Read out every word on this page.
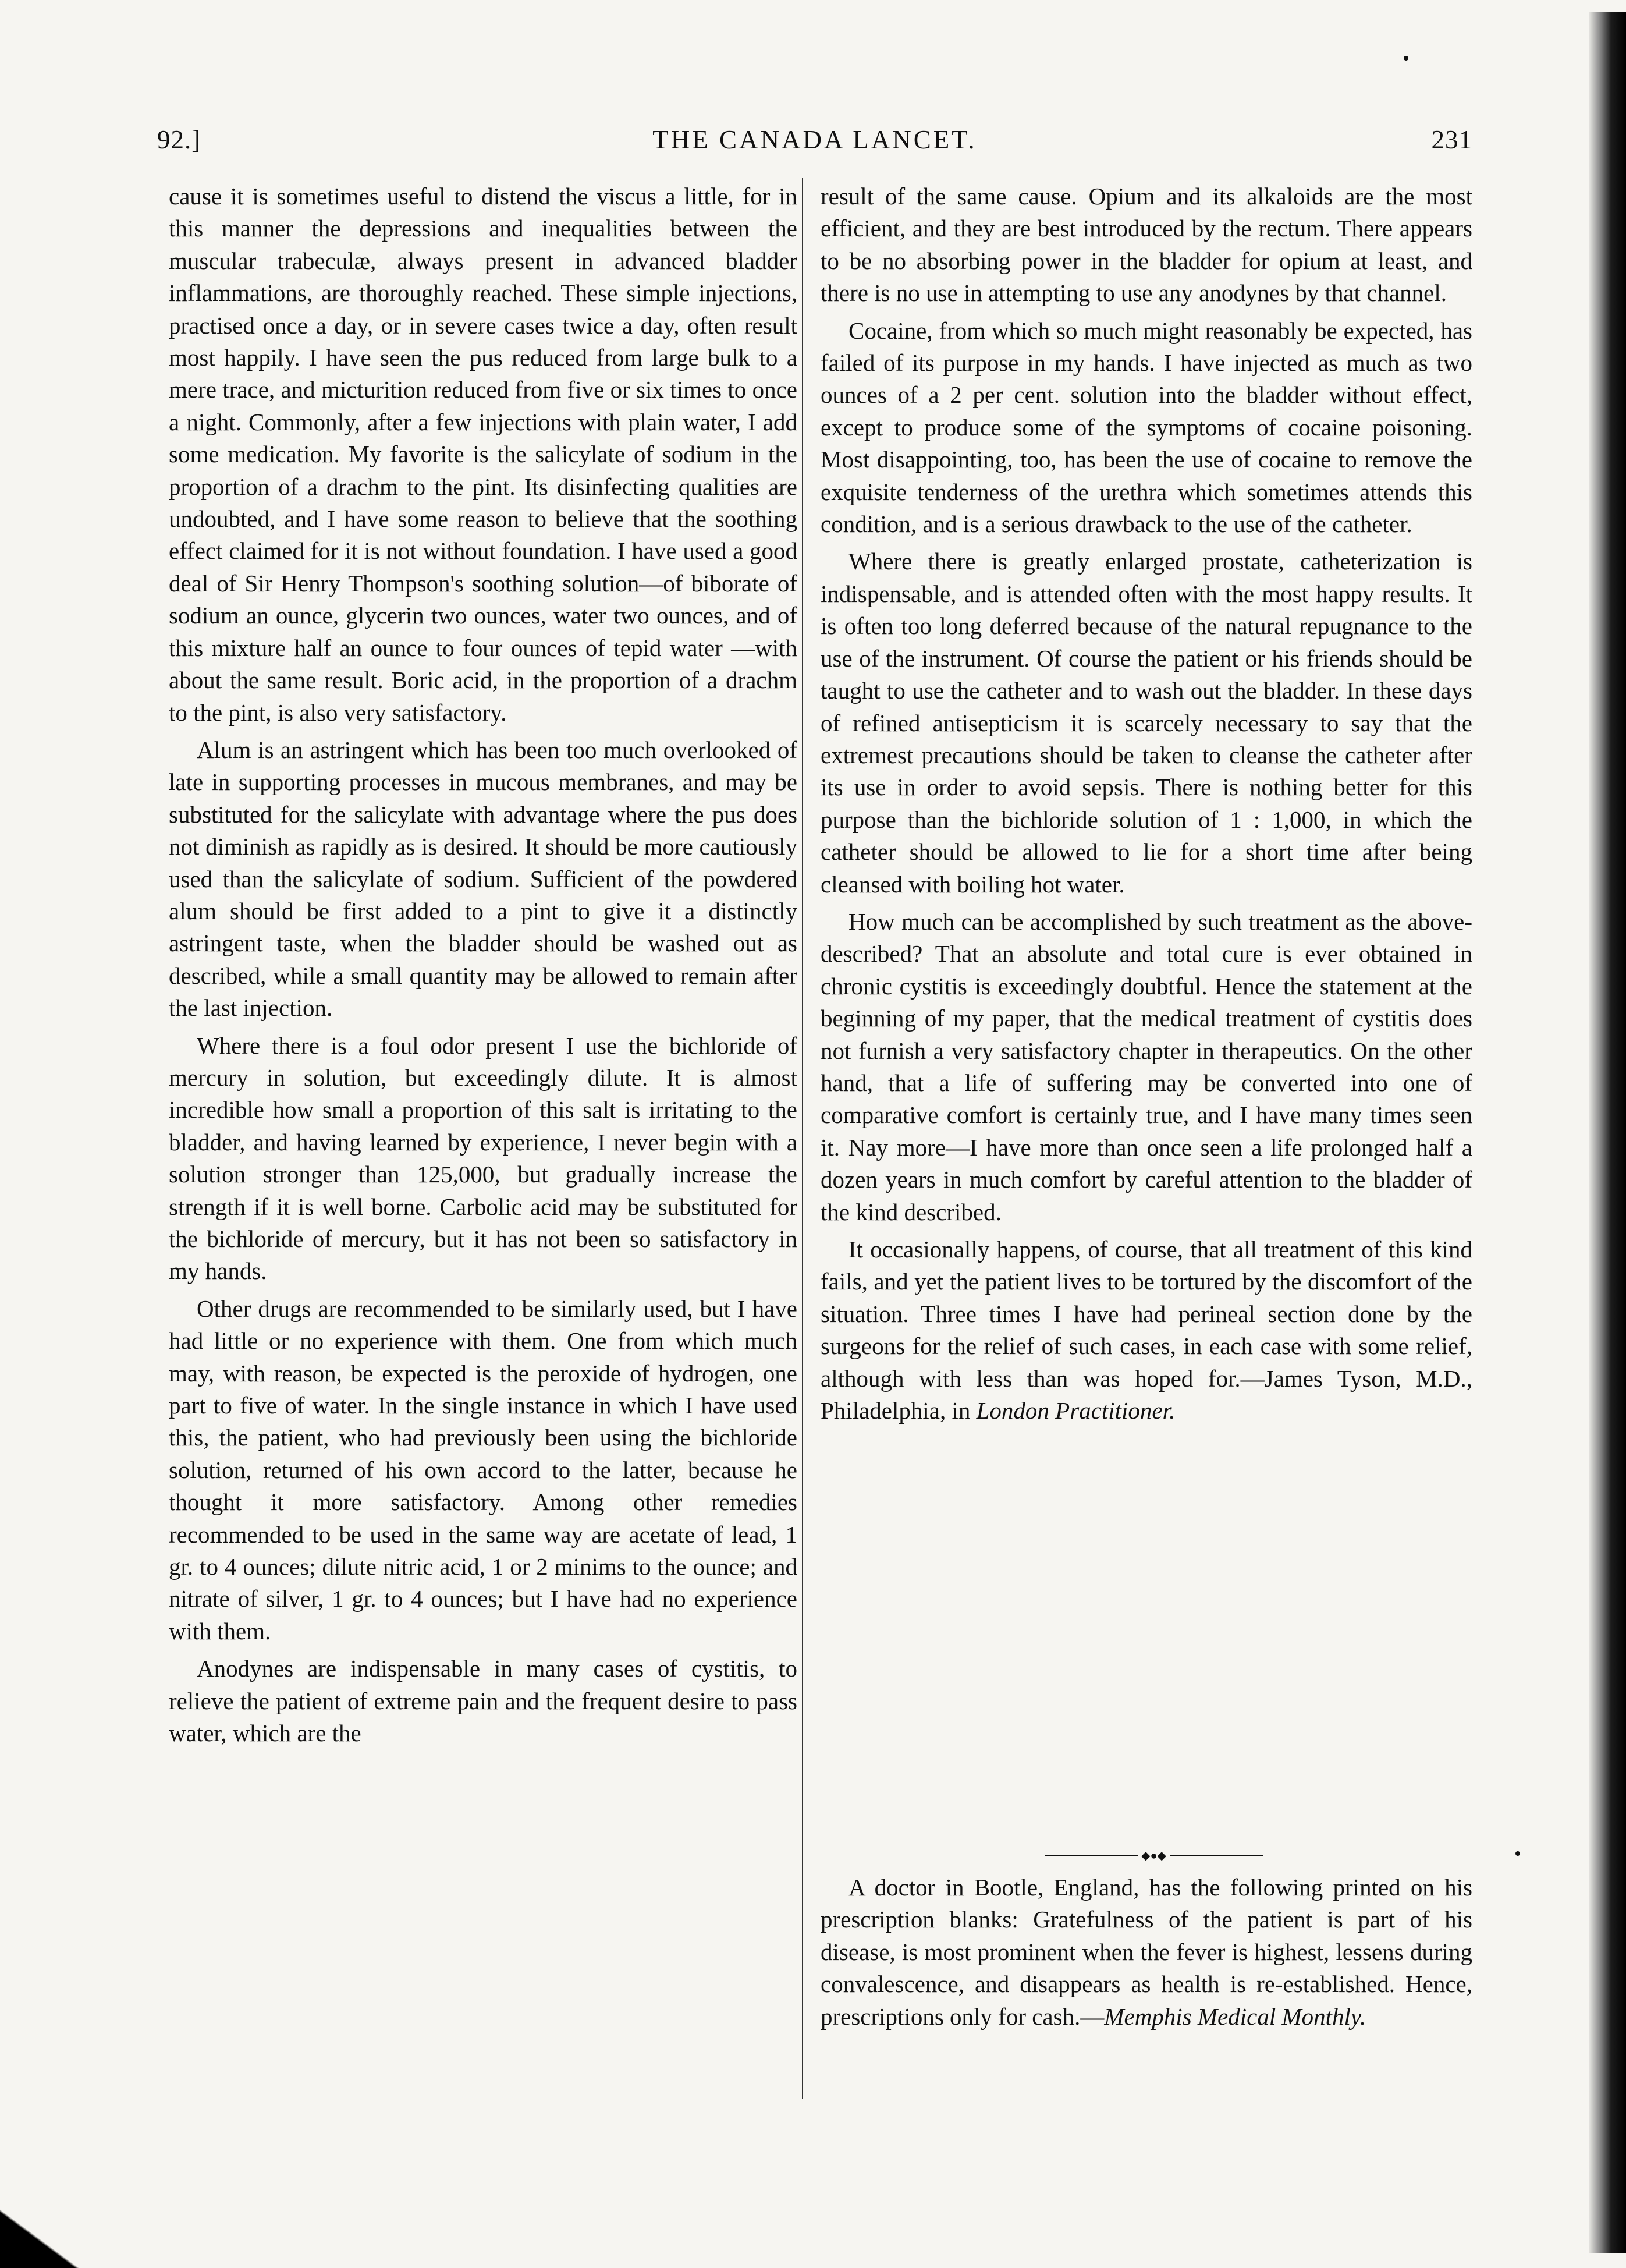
92.]	THE CANADA LANCET.	231

cause it is sometimes useful to distend the viscus a little, for in this manner the depressions and inequalities between the muscular trabeculæ, always present in advanced bladder inflammations, are thoroughly reached. These simple injections, practised once a day, or in severe cases twice a day, often result most happily. I have seen the pus reduced from large bulk to a mere trace, and micturition reduced from five or six times to once a night. Commonly, after a few injections with plain water, I add some medication. My favorite is the salicylate of sodium in the proportion of a drachm to the pint. Its disinfecting qualities are undoubted, and I have some reason to believe that the soothing effect claimed for it is not without foundation. I have used a good deal of Sir Henry Thompson's soothing solution—of biborate of sodium an ounce, glycerin two ounces, water two ounces, and of this mixture half an ounce to four ounces of tepid water —with about the same result. Boric acid, in the proportion of a drachm to the pint, is also very satisfactory.

Alum is an astringent which has been too much overlooked of late in supporting processes in mucous membranes, and may be substituted for the salicylate with advantage where the pus does not diminish as rapidly as is desired. It should be more cautiously used than the salicylate of sodium. Sufficient of the powdered alum should be first added to a pint to give it a distinctly astringent taste, when the bladder should be washed out as described, while a small quantity may be allowed to remain after the last injection.

Where there is a foul odor present I use the bichloride of mercury in solution, but exceedingly dilute. It is almost incredible how small a proportion of this salt is irritating to the bladder, and having learned by experience, I never begin with a solution stronger than 125,000, but gradually increase the strength if it is well borne. Carbolic acid may be substituted for the bichloride of mercury, but it has not been so satisfactory in my hands.

Other drugs are recommended to be similarly used, but I have had little or no experience with them. One from which much may, with reason, be expected is the peroxide of hydrogen, one part to five of water. In the single instance in which I have used this, the patient, who had previously been using the bichloride solution, returned of his own accord to the latter, because he thought it more satisfactory. Among other remedies recommended to be used in the same way are acetate of lead, 1 gr. to 4 ounces; dilute nitric acid, 1 or 2 minims to the ounce; and nitrate of silver, 1 gr. to 4 ounces; but I have had no experience with them.

Anodynes are indispensable in many cases of cystitis, to relieve the patient of extreme pain and the frequent desire to pass water, which are the

result of the same cause. Opium and its alkaloids are the most efficient, and they are best introduced by the rectum. There appears to be no absorbing power in the bladder for opium at least, and there is no use in attempting to use any anodynes by that channel.

Cocaine, from which so much might reasonably be expected, has failed of its purpose in my hands. I have injected as much as two ounces of a 2 per cent. solution into the bladder without effect, except to produce some of the symptoms of cocaine poisoning. Most disappointing, too, has been the use of cocaine to remove the exquisite tenderness of the urethra which sometimes attends this condition, and is a serious drawback to the use of the catheter.

Where there is greatly enlarged prostate, catheterization is indispensable, and is attended often with the most happy results. It is often too long deferred because of the natural repugnance to the use of the instrument. Of course the patient or his friends should be taught to use the catheter and to wash out the bladder. In these days of refined antisepticism it is scarcely necessary to say that the extremest precautions should be taken to cleanse the catheter after its use in order to avoid sepsis. There is nothing better for this purpose than the bichloride solution of 1 : 1,000, in which the catheter should be allowed to lie for a short time after being cleansed with boiling hot water.

How much can be accomplished by such treatment as the above-described? That an absolute and total cure is ever obtained in chronic cystitis is exceedingly doubtful. Hence the statement at the beginning of my paper, that the medical treatment of cystitis does not furnish a very satisfactory chapter in therapeutics. On the other hand, that a life of suffering may be converted into one of comparative comfort is certainly true, and I have many times seen it. Nay more—I have more than once seen a life prolonged half a dozen years in much comfort by careful attention to the bladder of the kind described.

It occasionally happens, of course, that all treatment of this kind fails, and yet the patient lives to be tortured by the discomfort of the situation. Three times I have had perineal section done by the surgeons for the relief of such cases, in each case with some relief, although with less than was hoped for.—James Tyson, M.D., Philadelphia, in London Practitioner.

◆●◆

A doctor in Bootle, England, has the following printed on his prescription blanks: Gratefulness of the patient is part of his disease, is most prominent when the fever is highest, lessens during convalescence, and disappears as health is re-established. Hence, prescriptions only for cash.—Memphis Medical Monthly.
